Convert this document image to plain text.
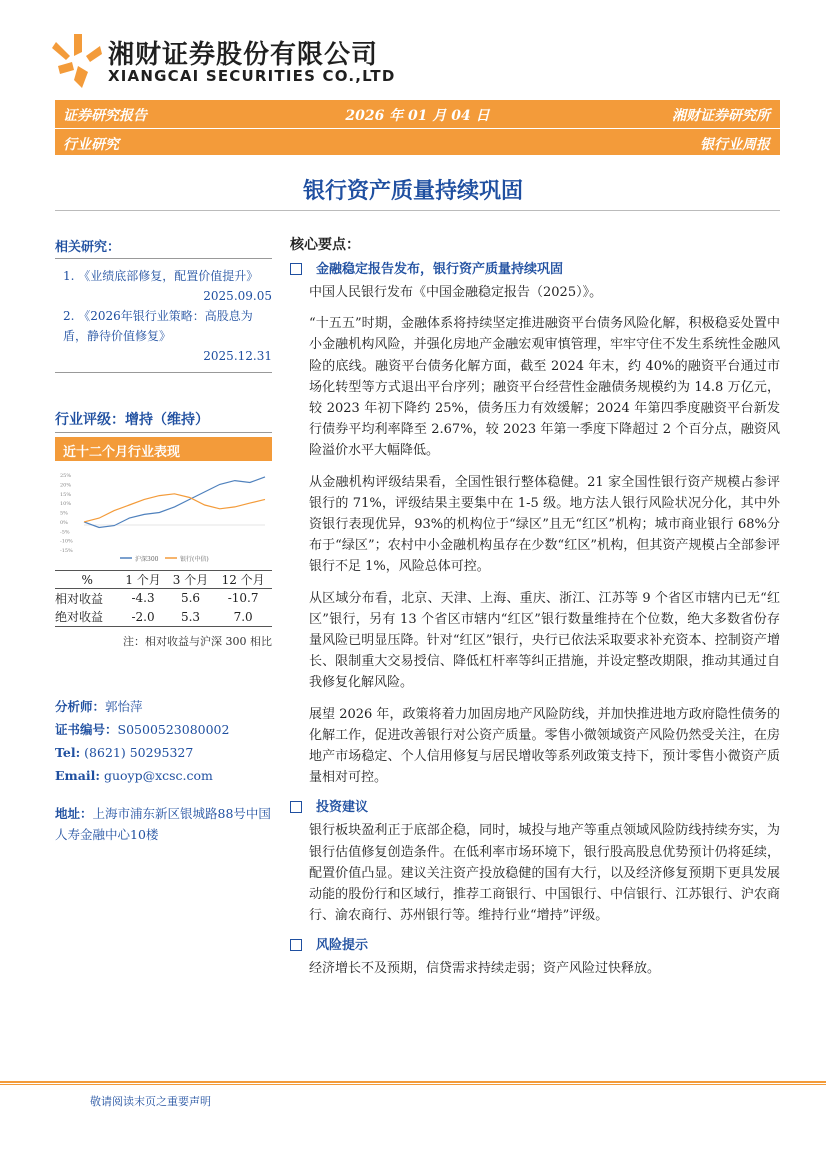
湘财证券股份有限公司
XIANGCAI SECURITIES CO.,LTD
证券研究报告	2026 年 01 月 04 日	湘财证券研究所
行业研究	银行业周报
银行资产质量持续巩固
相关研究：
1. 《业绩底部修复，配置价值提升》
2025.09.05
2. 《2026年银行业策略：高股息为盾，静待价值修复》
2025.12.31
行业评级：增持（维持）
近十二个月行业表现
25%
20%
15%
10%
5%
0%
-5%
-10%
-15%
沪深300	银行(中信)
%	1 个月	3 个月	12 个月
相对收益	-4.3	5.6	-10.7
绝对收益	-2.0	5.3	7.0
注：相对收益与沪深 300 相比
分析师：郭怡萍
证书编号：S0500523080002
Tel: (8621) 50295327
Email: guoyp@xcsc.com
地址：上海市浦东新区银城路88号中国人寿金融中心10楼
核心要点：
金融稳定报告发布，银行资产质量持续巩固
中国人民银行发布《中国金融稳定报告（2025）》。
“十五五”时期，金融体系将持续坚定推进融资平台债务风险化解，积极稳妥处置中小金融机构风险，并强化房地产金融宏观审慎管理，牢牢守住不发生系统性金融风险的底线。融资平台债务化解方面，截至 2024 年末，约 40%的融资平台通过市场化转型等方式退出平台序列；融资平台经营性金融债务规模约为 14.8 万亿元，较 2023 年初下降约 25%，债务压力有效缓解；2024 年第四季度融资平台新发行债券平均利率降至 2.67%，较 2023 年第一季度下降超过 2 个百分点，融资风险溢价水平大幅降低。
从金融机构评级结果看，全国性银行整体稳健。21 家全国性银行资产规模占参评银行的 71%，评级结果主要集中在 1-5 级。地方法人银行风险状况分化，其中外资银行表现优异，93%的机构位于“绿区”且无“红区”机构；城市商业银行 68%分布于“绿区”；农村中小金融机构虽存在少数“红区”机构，但其资产规模占全部参评银行不足 1%，风险总体可控。
从区域分布看，北京、天津、上海、重庆、浙江、江苏等 9 个省区市辖内已无“红区”银行，另有 13 个省区市辖内“红区”银行数量维持在个位数，绝大多数省份存量风险已明显压降。针对“红区”银行，央行已依法采取要求补充资本、控制资产增长、限制重大交易授信、降低杠杆率等纠正措施，并设定整改期限，推动其通过自我修复化解风险。
展望 2026 年，政策将着力加固房地产风险防线，并加快推进地方政府隐性债务的化解工作，促进改善银行对公资产质量。零售小微领域资产风险仍然受关注，在房地产市场稳定、个人信用修复与居民增收等系列政策支持下，预计零售小微资产质量相对可控。
投资建议
银行板块盈利正于底部企稳，同时，城投与地产等重点领域风险防线持续夯实，为银行估值修复创造条件。在低利率市场环境下，银行股高股息优势预计仍将延续，配置价值凸显。建议关注资产投放稳健的国有大行，以及经济修复预期下更具发展动能的股份行和区域行，推荐工商银行、中国银行、中信银行、江苏银行、沪农商行、渝农商行、苏州银行等。维持行业“增持”评级。
风险提示
经济增长不及预期，信贷需求持续走弱；资产风险过快释放。
敬请阅读末页之重要声明
